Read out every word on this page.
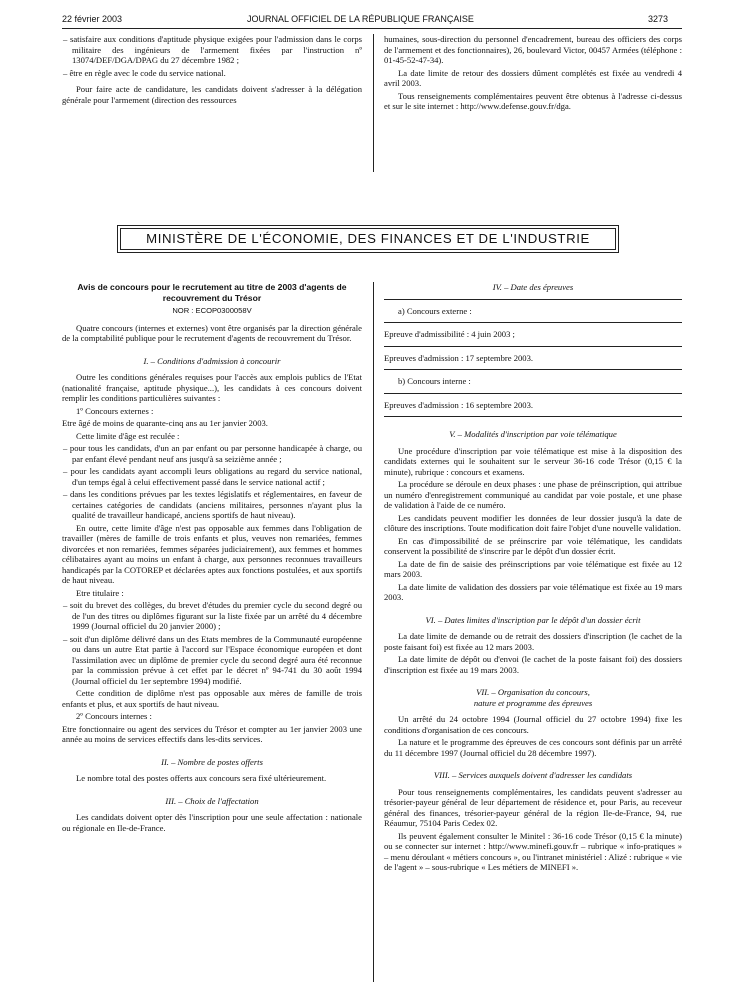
22 février 2003	JOURNAL OFFICIEL DE LA RÉPUBLIQUE FRANÇAISE	3273

– satisfaire aux conditions d'aptitude physique exigées pour l'admission dans le corps militaire des ingénieurs de l'armement fixées par l'instruction nº 13074/DEF/DGA/DPAG du 27 décembre 1982 ;

– être en règle avec le code du service national.

Pour faire acte de candidature, les candidats doivent s'adresser à la délégation générale pour l'armement (direction des ressources

humaines, sous-direction du personnel d'encadrement, bureau des officiers des corps de l'armement et des fonctionnaires), 26, boulevard Victor, 00457 Armées (téléphone : 01-45-52-47-34).

La date limite de retour des dossiers dûment complétés est fixée au vendredi 4 avril 2003.

Tous renseignements complémentaires peuvent être obtenus à l'adresse ci-dessus et sur le site internet : http://www.defense.gouv.fr/dga.

MINISTÈRE DE L'ÉCONOMIE, DES FINANCES ET DE L'INDUSTRIE

Avis de concours pour le recrutement au titre de 2003 d'agents de recouvrement du Trésor

NOR : ECOP0300058V

Quatre concours (internes et externes) vont être organisés par la direction générale de la comptabilité publique pour le recrutement d'agents de recouvrement du Trésor.

I. – Conditions d'admission à concourir

Outre les conditions générales requises pour l'accès aux emplois publics de l'Etat (nationalité française, aptitude physique...), les candidats à ces concours doivent remplir les conditions particulières suivantes :

1º Concours externes :

Etre âgé de moins de quarante-cinq ans au 1er janvier 2003.

Cette limite d'âge est reculée :

– pour tous les candidats, d'un an par enfant ou par personne handicapée à charge, ou par enfant élevé pendant neuf ans jusqu'à sa seizième année ;

– pour les candidats ayant accompli leurs obligations au regard du service national, d'un temps égal à celui effectivement passé dans le service national actif ;

– dans les conditions prévues par les textes législatifs et réglementaires, en faveur de certaines catégories de candidats (anciens militaires, personnes n'ayant plus la qualité de travailleur handicapé, anciens sportifs de haut niveau).

En outre, cette limite d'âge n'est pas opposable aux femmes dans l'obligation de travailler (mères de famille de trois enfants et plus, veuves non remariées, femmes divorcées et non remariées, femmes séparées judiciairement), aux femmes et hommes célibataires ayant au moins un enfant à charge, aux personnes reconnues travailleurs handicapés par la COTOREP et déclarées aptes aux fonctions postulées, et aux sportifs de haut niveau.

Etre titulaire :

– soit du brevet des collèges, du brevet d'études du premier cycle du second degré ou de l'un des titres ou diplômes figurant sur la liste fixée par un arrêté du 4 décembre 1999 (Journal officiel du 20 janvier 2000) ;

– soit d'un diplôme délivré dans un des Etats membres de la Communauté européenne ou dans un autre Etat partie à l'accord sur l'Espace économique européen et dont l'assimilation avec un diplôme de premier cycle du second degré aura été reconnue par la commission prévue à cet effet par le décret nº 94-741 du 30 août 1994 (Journal officiel du 1er septembre 1994) modifié.

Cette condition de diplôme n'est pas opposable aux mères de famille de trois enfants et plus, et aux sportifs de haut niveau.

2º Concours internes :

Etre fonctionnaire ou agent des services du Trésor et compter au 1er janvier 2003 une année au moins de services effectifs dans les-dits services.

II. – Nombre de postes offerts

Le nombre total des postes offerts aux concours sera fixé ultérieurement.

III. – Choix de l'affectation

Les candidats doivent opter dès l'inscription pour une seule affectation : nationale ou régionale en Ile-de-France.

IV. – Date des épreuves

a) Concours externe :

Epreuve d'admissibilité : 4 juin 2003 ;

Epreuves d'admission : 17 septembre 2003.

b) Concours interne :

Epreuves d'admission : 16 septembre 2003.

V. – Modalités d'inscription par voie télématique

Une procédure d'inscription par voie télématique est mise à la disposition des candidats externes qui le souhaitent sur le serveur 36-16 code Trésor (0,15 € la minute), rubrique : concours et examens.

La procédure se déroule en deux phases : une phase de préinscription, qui attribue un numéro d'enregistrement communiqué au candidat par voie postale, et une phase de validation à l'aide de ce numéro.

Les candidats peuvent modifier les données de leur dossier jusqu'à la date de clôture des inscriptions. Toute modification doit faire l'objet d'une nouvelle validation.

En cas d'impossibilité de se préinscrire par voie télématique, les candidats conservent la possibilité de s'inscrire par le dépôt d'un dossier écrit.

La date de fin de saisie des préinscriptions par voie télématique est fixée au 12 mars 2003.

La date limite de validation des dossiers par voie télématique est fixée au 19 mars 2003.

VI. – Dates limites d'inscription par le dépôt d'un dossier écrit

La date limite de demande ou de retrait des dossiers d'inscription (le cachet de la poste faisant foi) est fixée au 12 mars 2003.

La date limite de dépôt ou d'envoi (le cachet de la poste faisant foi) des dossiers d'inscription est fixée au 19 mars 2003.

VII. – Organisation du concours,

nature et programme des épreuves

Un arrêté du 24 octobre 1994 (Journal officiel du 27 octobre 1994) fixe les conditions d'organisation de ces concours.

La nature et le programme des épreuves de ces concours sont définis par un arrêté du 11 décembre 1997 (Journal officiel du 28 décembre 1997).

VIII. – Services auxquels doivent d'adresser les candidats

Pour tous renseignements complémentaires, les candidats peuvent s'adresser au trésorier-payeur général de leur département de résidence et, pour Paris, au receveur général des finances, trésorier-payeur général de la région Ile-de-France, 94, rue Réaumur, 75104 Paris Cedex 02.

Ils peuvent également consulter le Minitel : 36-16 code Trésor (0,15 € la minute) ou se connecter sur internet : http://www.minefi.gouv.fr – rubrique « info-pratiques » – menu déroulant « métiers concours », ou l'intranet ministériel : Alizé : rubrique « vie de l'agent » – sous-rubrique « Les métiers de MINEFI ».
